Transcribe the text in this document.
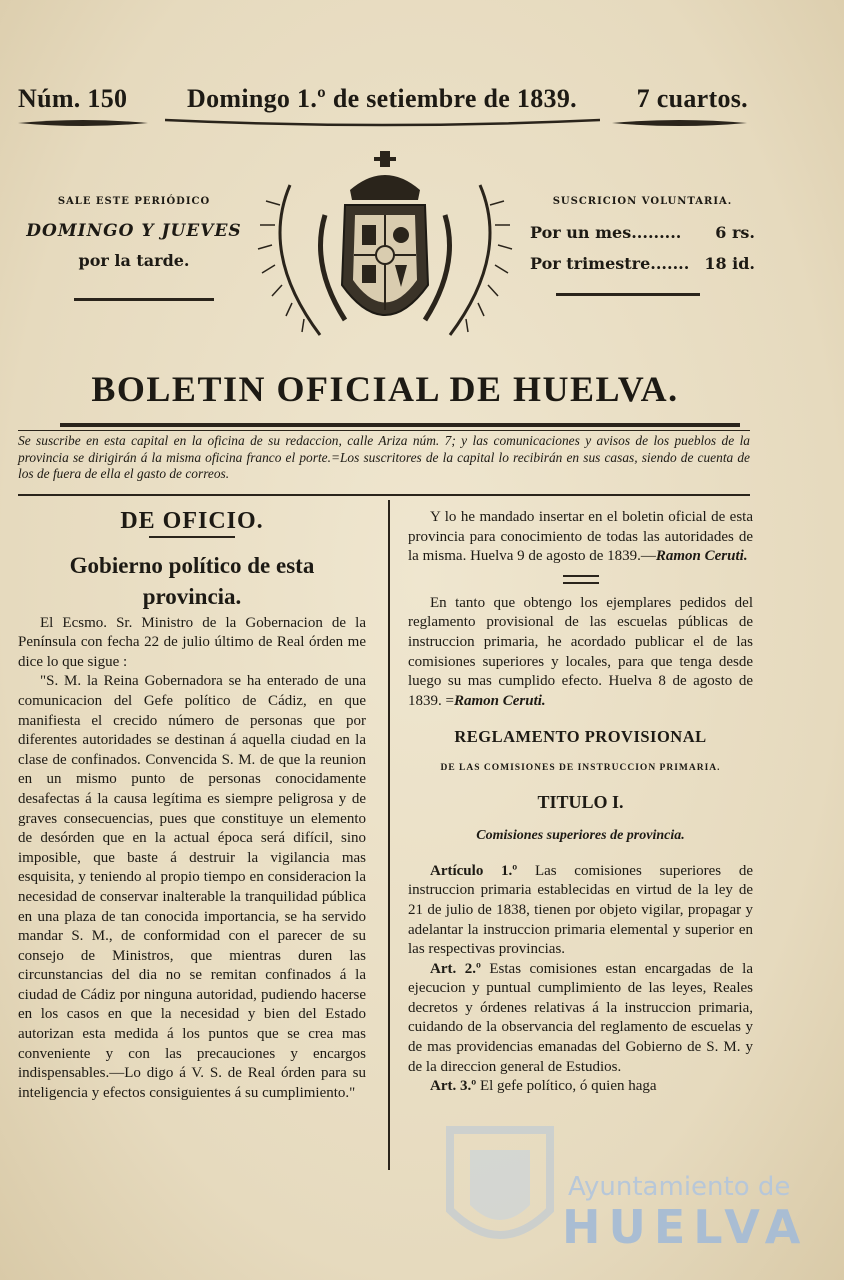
Núm. 150 Domingo 1.º de setiembre de 1839. 7 cuartos.
SALE ESTE PERIÓDICO
DOMINGO Y JUEVES
por la tarde.
SUSCRICION VOLUNTARIA.
Por un mes......... 6 rs.
Por trimestre....... 18 id.
BOLETIN OFICIAL DE HUELVA.
Se suscribe en esta capital en la oficina de su redaccion, calle Ariza núm. 7; y las comunicaciones y avisos de los pueblos de la provincia se dirigirán á la misma oficina franco el porte.=Los suscritores de la capital lo recibirán en sus casas, siendo de cuenta de los de fuera de ella el gasto de correos.
DE OFICIO.
Gobierno político de esta provincia.

El Ecsmo. Sr. Ministro de la Gobernacion de la Península con fecha 22 de julio último de Real órden me dice lo que sigue :

"S. M. la Reina Gobernadora se ha enterado de una comunicacion del Gefe político de Cádiz, en que manifiesta el crecido número de personas que por diferentes autoridades se destinan á aquella ciudad en la clase de confinados. Convencida S. M. de que la reunion en un mismo punto de personas conocidamente desafectas á la causa legítima es siempre peligrosa y de graves consecuencias, pues que constituye un elemento de desórden que en la actual época será difícil, sino imposible, que baste á destruir la vigilancia mas esquisita, y teniendo al propio tiempo en consideracion la necesidad de conservar inalterable la tranquilidad pública en una plaza de tan conocida importancia, se ha servido mandar S. M., de conformidad con el parecer de su consejo de Ministros, que mientras duren las circunstancias del dia no se remitan confinados á la ciudad de Cádiz por ninguna autoridad, pudiendo hacerse en los casos en que la necesidad y bien del Estado autorizan esta medida á los puntos que se crea mas conveniente y con las precauciones y encargos indispensables.—Lo digo á V. S. de Real órden para su inteligencia y efectos consiguientes á su cumplimiento."

Y lo he mandado insertar en el boletin oficial de esta provincia para conocimiento de todas las autoridades de la misma. Huelva 9 de agosto de 1839.—Ramon Ceruti.

En tanto que obtengo los ejemplares pedidos del reglamento provisional de las escuelas públicas de instruccion primaria, he acordado publicar el de las comisiones superiores y locales, para que tenga desde luego su mas cumplido efecto. Huelva 8 de agosto de 1839. =Ramon Ceruti.

REGLAMENTO PROVISIONAL
DE LAS COMISIONES DE INSTRUCCION PRIMARIA.
TITULO I.
Comisiones superiores de provincia.

Artículo 1.º Las comisiones superiores de instruccion primaria establecidas en virtud de la ley de 21 de julio de 1838, tienen por objeto vigilar, propagar y adelantar la instruccion primaria elemental y superior en las respectivas provincias.

Art. 2.º Estas comisiones estan encargadas de la ejecucion y puntual cumplimiento de las leyes, Reales decretos y órdenes relativas á la instruccion primaria, cuidando de la observancia del reglamento de escuelas y de mas providencias emanadas del Gobierno de S. M. y de la direccion general de Estudios.

Art. 3.º El gefe político, ó quien haga

Ayuntamiento de
HUELVA
